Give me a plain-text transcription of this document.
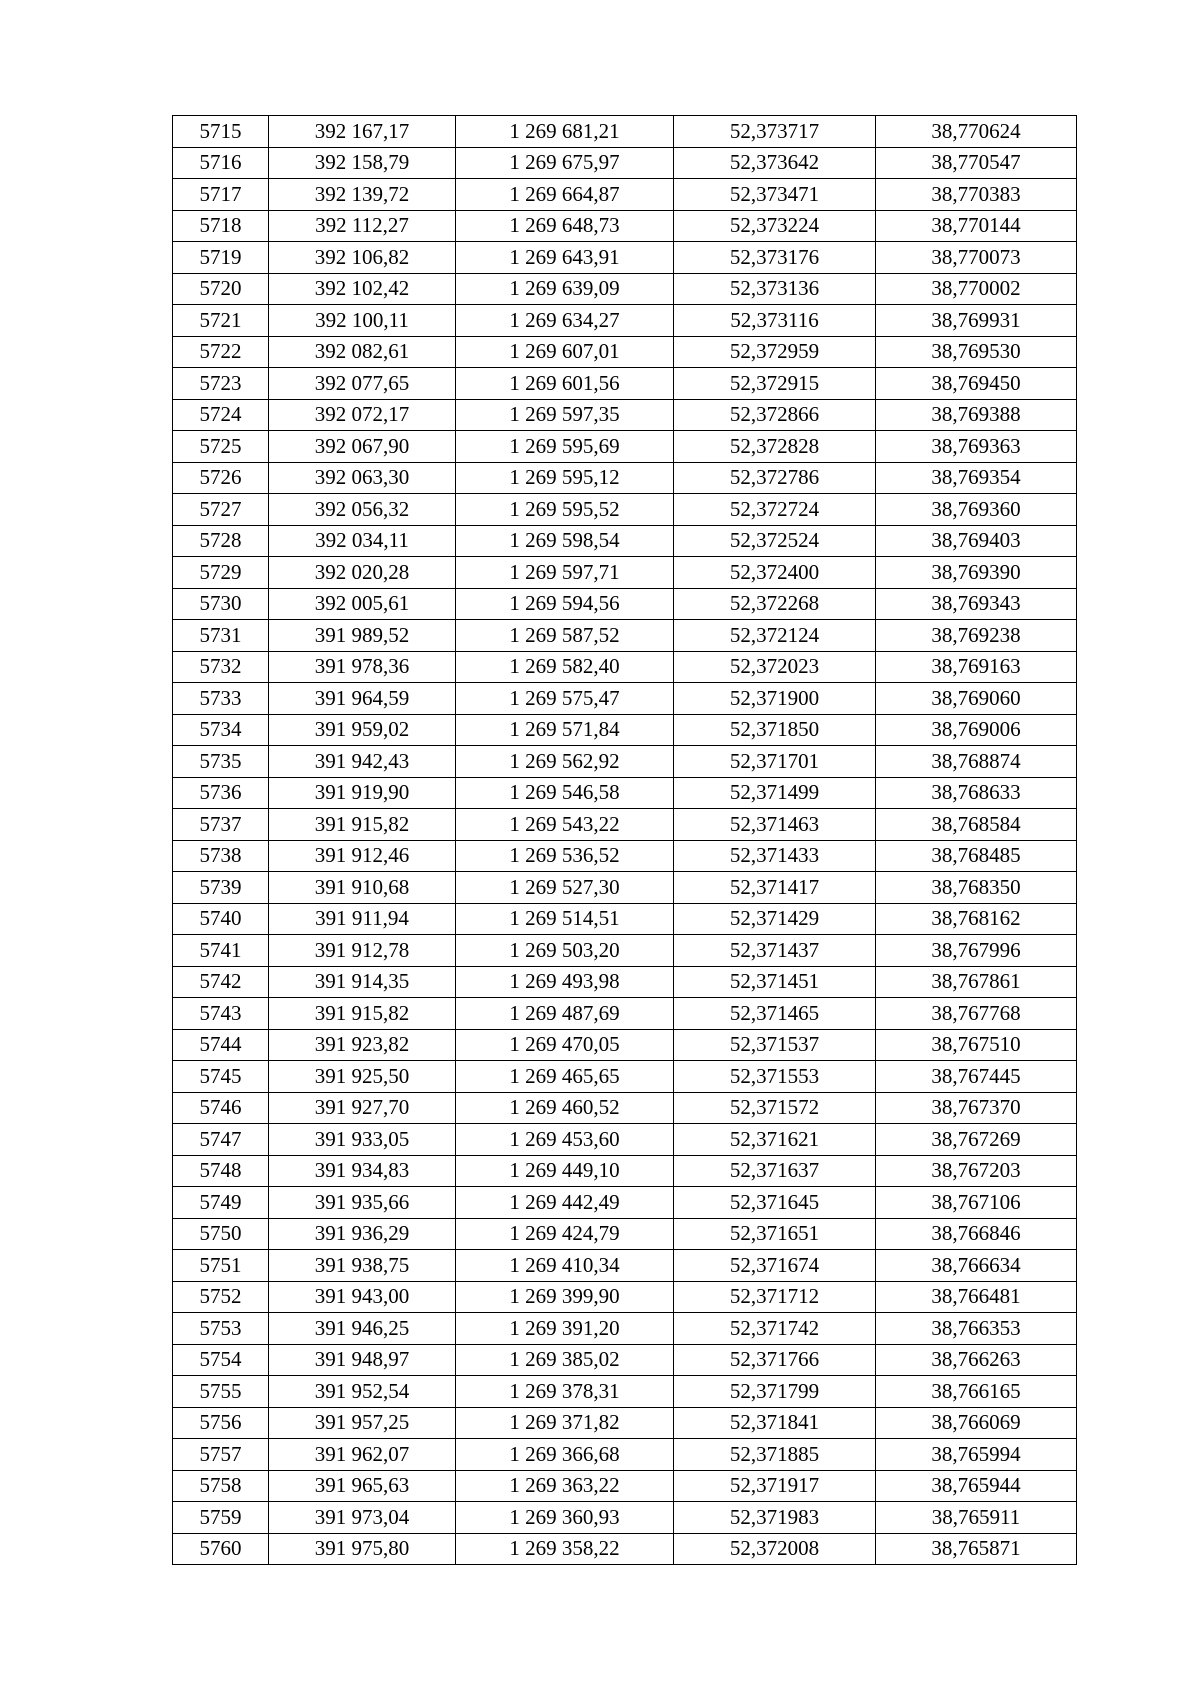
5715	392 167,17	1 269 681,21	52,373717	38,770624
5716	392 158,79	1 269 675,97	52,373642	38,770547
5717	392 139,72	1 269 664,87	52,373471	38,770383
5718	392 112,27	1 269 648,73	52,373224	38,770144
5719	392 106,82	1 269 643,91	52,373176	38,770073
5720	392 102,42	1 269 639,09	52,373136	38,770002
5721	392 100,11	1 269 634,27	52,373116	38,769931
5722	392 082,61	1 269 607,01	52,372959	38,769530
5723	392 077,65	1 269 601,56	52,372915	38,769450
5724	392 072,17	1 269 597,35	52,372866	38,769388
5725	392 067,90	1 269 595,69	52,372828	38,769363
5726	392 063,30	1 269 595,12	52,372786	38,769354
5727	392 056,32	1 269 595,52	52,372724	38,769360
5728	392 034,11	1 269 598,54	52,372524	38,769403
5729	392 020,28	1 269 597,71	52,372400	38,769390
5730	392 005,61	1 269 594,56	52,372268	38,769343
5731	391 989,52	1 269 587,52	52,372124	38,769238
5732	391 978,36	1 269 582,40	52,372023	38,769163
5733	391 964,59	1 269 575,47	52,371900	38,769060
5734	391 959,02	1 269 571,84	52,371850	38,769006
5735	391 942,43	1 269 562,92	52,371701	38,768874
5736	391 919,90	1 269 546,58	52,371499	38,768633
5737	391 915,82	1 269 543,22	52,371463	38,768584
5738	391 912,46	1 269 536,52	52,371433	38,768485
5739	391 910,68	1 269 527,30	52,371417	38,768350
5740	391 911,94	1 269 514,51	52,371429	38,768162
5741	391 912,78	1 269 503,20	52,371437	38,767996
5742	391 914,35	1 269 493,98	52,371451	38,767861
5743	391 915,82	1 269 487,69	52,371465	38,767768
5744	391 923,82	1 269 470,05	52,371537	38,767510
5745	391 925,50	1 269 465,65	52,371553	38,767445
5746	391 927,70	1 269 460,52	52,371572	38,767370
5747	391 933,05	1 269 453,60	52,371621	38,767269
5748	391 934,83	1 269 449,10	52,371637	38,767203
5749	391 935,66	1 269 442,49	52,371645	38,767106
5750	391 936,29	1 269 424,79	52,371651	38,766846
5751	391 938,75	1 269 410,34	52,371674	38,766634
5752	391 943,00	1 269 399,90	52,371712	38,766481
5753	391 946,25	1 269 391,20	52,371742	38,766353
5754	391 948,97	1 269 385,02	52,371766	38,766263
5755	391 952,54	1 269 378,31	52,371799	38,766165
5756	391 957,25	1 269 371,82	52,371841	38,766069
5757	391 962,07	1 269 366,68	52,371885	38,765994
5758	391 965,63	1 269 363,22	52,371917	38,765944
5759	391 973,04	1 269 360,93	52,371983	38,765911
5760	391 975,80	1 269 358,22	52,372008	38,765871
